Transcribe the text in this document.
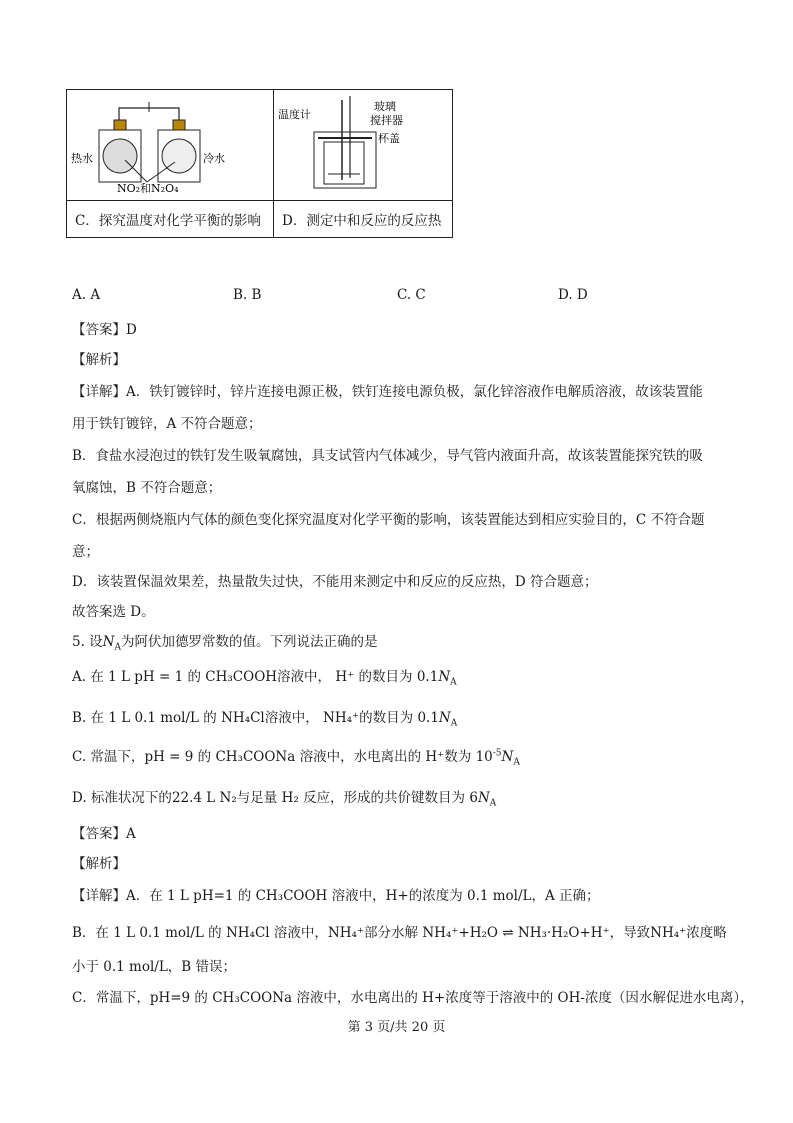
热水 冷水
NO₂和N₂O₄	温度计
玻璃
搅拌器
杯盖

C．探究温度对化学平衡的影响	D．测定中和反应的反应热
A. A	B. B	C. C	D. D
【答案】D
【解析】
【详解】A．铁钉镀锌时，锌片连接电源正极，铁钉连接电源负极，氯化锌溶液作电解质溶液，故该装置能
用于铁钉镀锌，A 不符合题意；
B．食盐水浸泡过的铁钉发生吸氧腐蚀，具支试管内气体减少，导气管内液面升高，故该装置能探究铁的吸
氧腐蚀，B 不符合题意；
C．根据两侧烧瓶内气体的颜色变化探究温度对化学平衡的影响，该装置能达到相应实验目的，C 不符合题
意；
D．该装置保温效果差，热量散失过快，不能用来测定中和反应的反应热，D 符合题意；
故答案选 D。
5. 设$N_A$为阿伏加德罗常数的值。下列说法正确的是
A. 在 1 L pH = 1 的 CH₃COOH溶液中， H⁺ 的数目为 $0.1N_A$
B. 在 1 L 0.1 mol/L 的 NH₄Cl溶液中， NH₄⁺的数目为 $0.1N_A$
C. 常温下，pH = 9 的 CH₃COONa 溶液中，水电离出的 H⁺数为 $10^{-5}N_A$
D. 标准状况下的22.4 L N₂与足量 H₂ 反应，形成的共价键数目为 $6N_A$
【答案】A
【解析】
【详解】A．在 1 L pH=1 的 CH₃COOH 溶液中，H+的浓度为 0.1 mol/L，A 正确；
B．在 1 L 0.1 mol/L 的 NH₄Cl 溶液中，NH₄⁺部分水解 NH₄⁺+H₂O ⇌ NH₃·H₂O+H⁺，导致NH₄⁺浓度略
小于 0.1 mol/L，B 错误；
C．常温下，pH=9 的 CH₃COONa 溶液中，水电离出的 H+浓度等于溶液中的 OH-浓度（因水解促进水电离），
第 3 页/共 20 页
